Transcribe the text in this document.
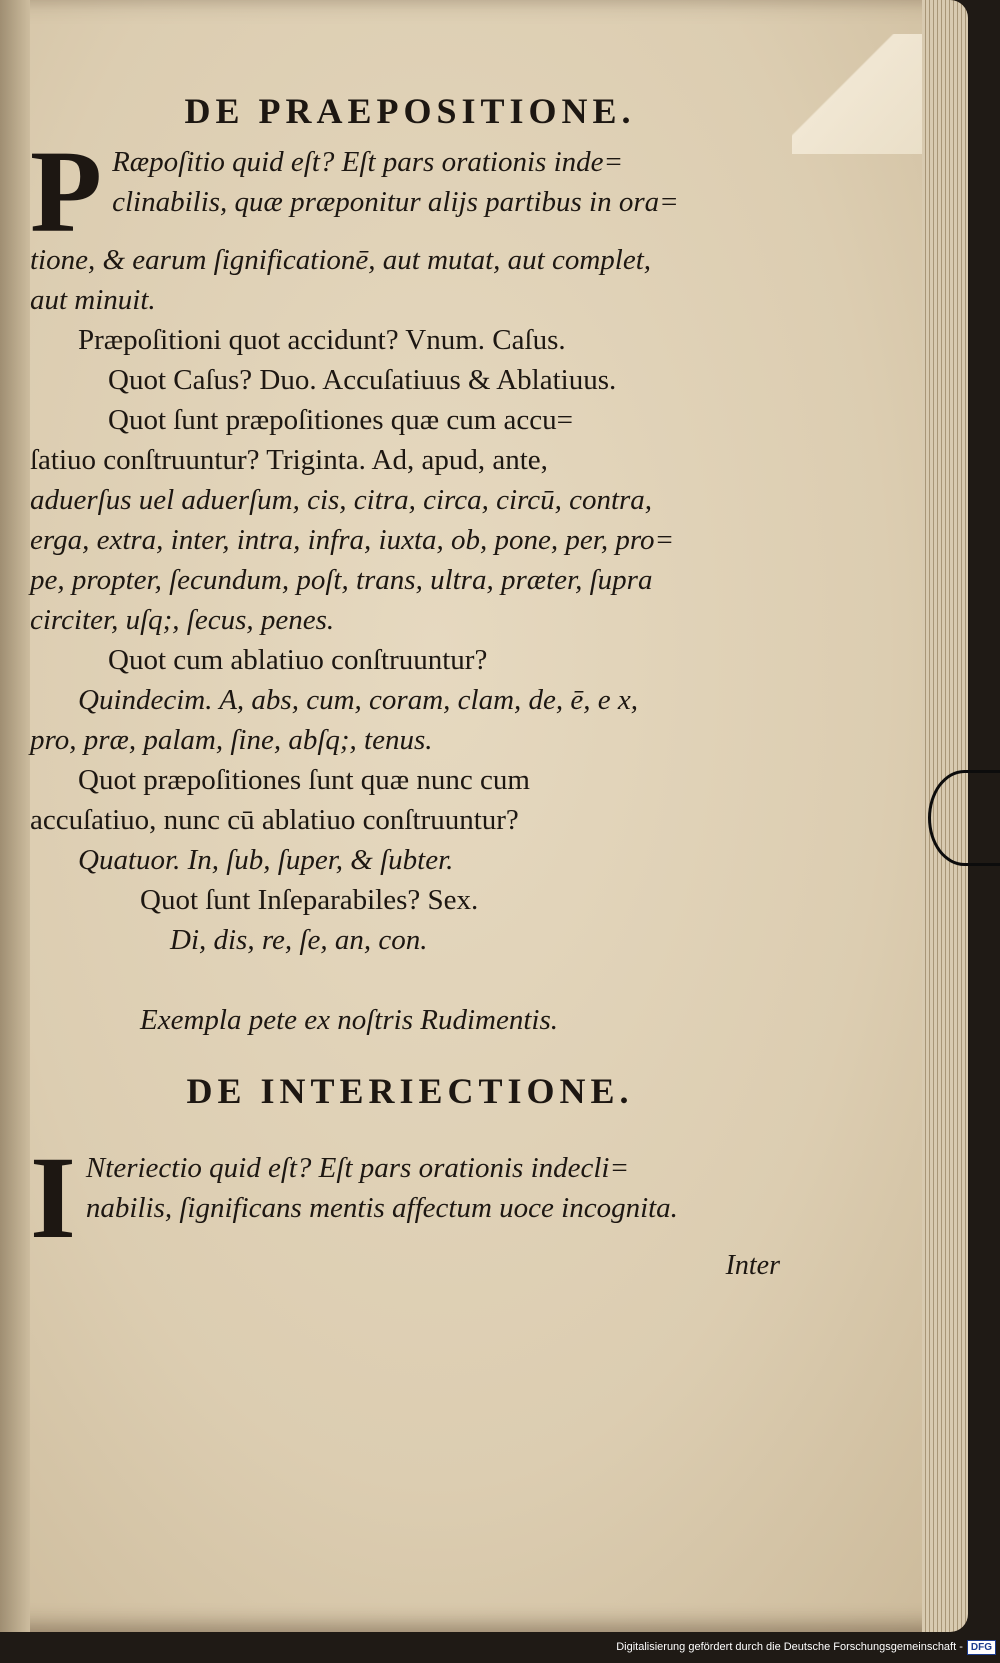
DE PRAEPOSITIONE.
P Ræpoſitio quid eſt? Eſt pars orationis inde=
clinabilis, quæ præponitur alijs partibus in ora=
tione, & earum ſignificationē, aut mutat, aut complet,
aut minuit.
Præpoſitioni quot accidunt? Vnum. Caſus.
Quot Caſus? Duo. Accuſatiuus & Ablatiuus.
Quot ſunt præpoſitiones quæ cum accu=
ſatiuo conſtruuntur? Triginta. Ad, apud, ante,
aduerſus uel aduerſum, cis, citra, circa, circū, contra,
erga, extra, inter, intra, infra, iuxta, ob, pone, per, pro=
pe, propter, ſecundum, poſt, trans, ultra, præter, ſupra
circiter, uſq;, ſecus, penes.
Quot cum ablatiuo conſtruuntur?
Quindecim. A, abs, cum, coram, clam, de, ē, e x,
pro, præ, palam, ſine, abſq;, tenus.
Quot præpoſitiones ſunt quæ nunc cum
accuſatiuo, nunc cū ablatiuo conſtruuntur?
Quatuor. In, ſub, ſuper, & ſubter.
Quot ſunt Inſeparabiles? Sex.
Di, dis, re, ſe, an, con.
Exempla pete ex noſtris Rudimentis.
DE INTERIECTIONE.
I Nteriectio quid eſt? Eſt pars orationis indecli=
nabilis, ſignificans mentis affectum uoce incognita.
Inter
Digitalisierung gefördert durch die Deutsche Forschungsgemeinschaft - DFG
